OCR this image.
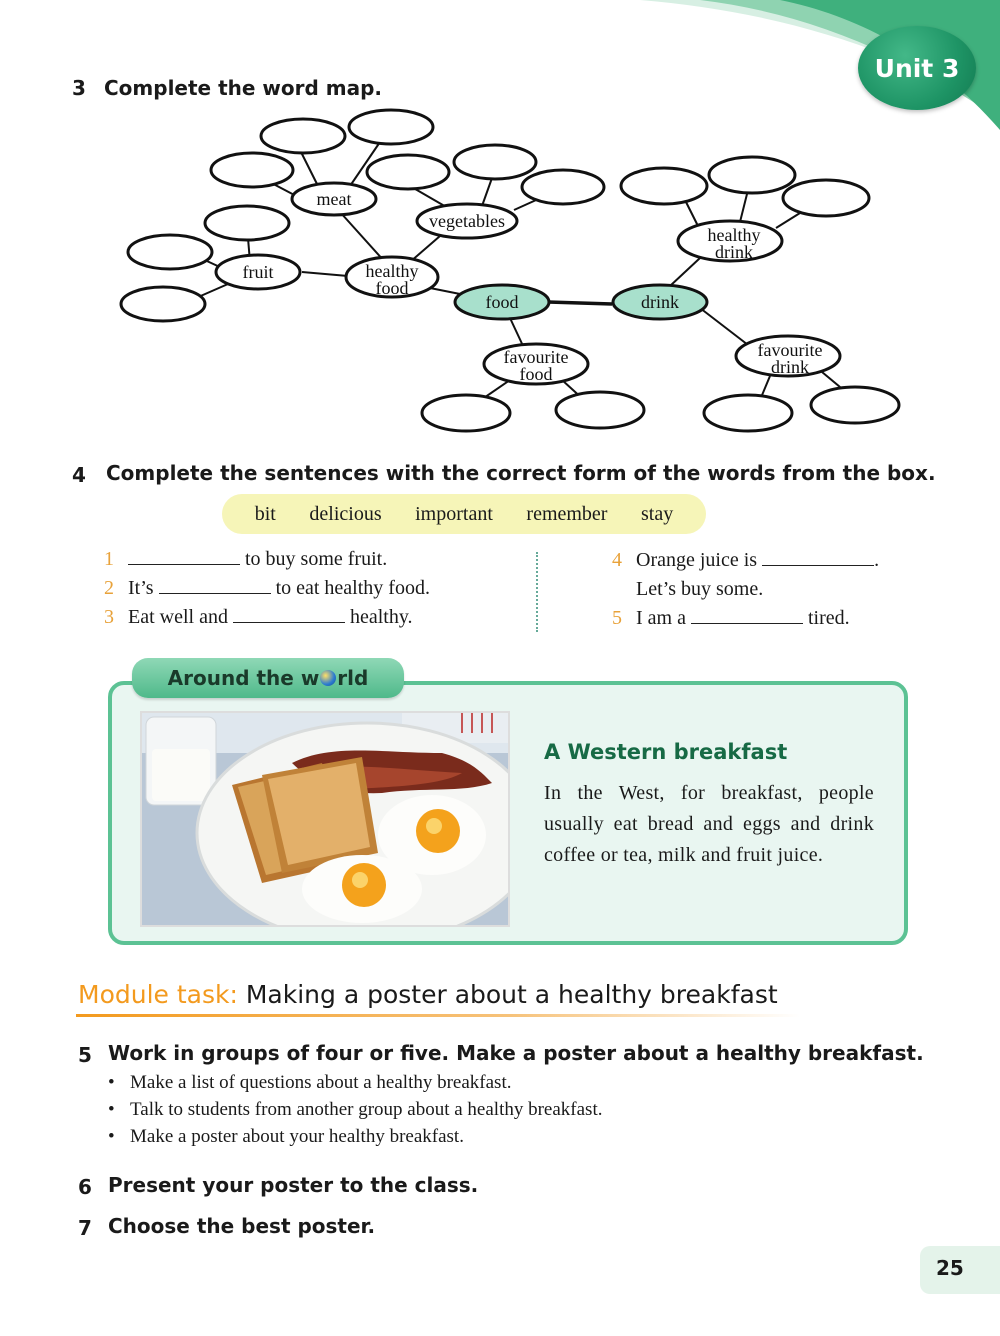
Unit 3
3 Complete the word map.
meat
vegetables
fruit	healthy
food
food	drink
favourite
food
healthy
drink
favourite
drink
4 Complete the sentences with the correct form of the words from the box.
bit delicious important remember stay
1	to buy some fruit.
2 It’s	to eat healthy food.
3 Eat well and	healthy.
4 Orange juice is	.
Let’s buy some.
5 I am a	tired.
Around the w rld
A Western breakfast
In the West, for breakfast, people usually eat bread and eggs and drink coffee or tea, milk and fruit juice.
Module task: Making a poster about a healthy breakfast
5 Work in groups of four or five. Make a poster about a healthy breakfast.
• Make a list of questions about a healthy breakfast.
• Talk to students from another group about a healthy breakfast.
• Make a poster about your healthy breakfast.
6 Present your poster to the class.
7 Choose the best poster.
25
